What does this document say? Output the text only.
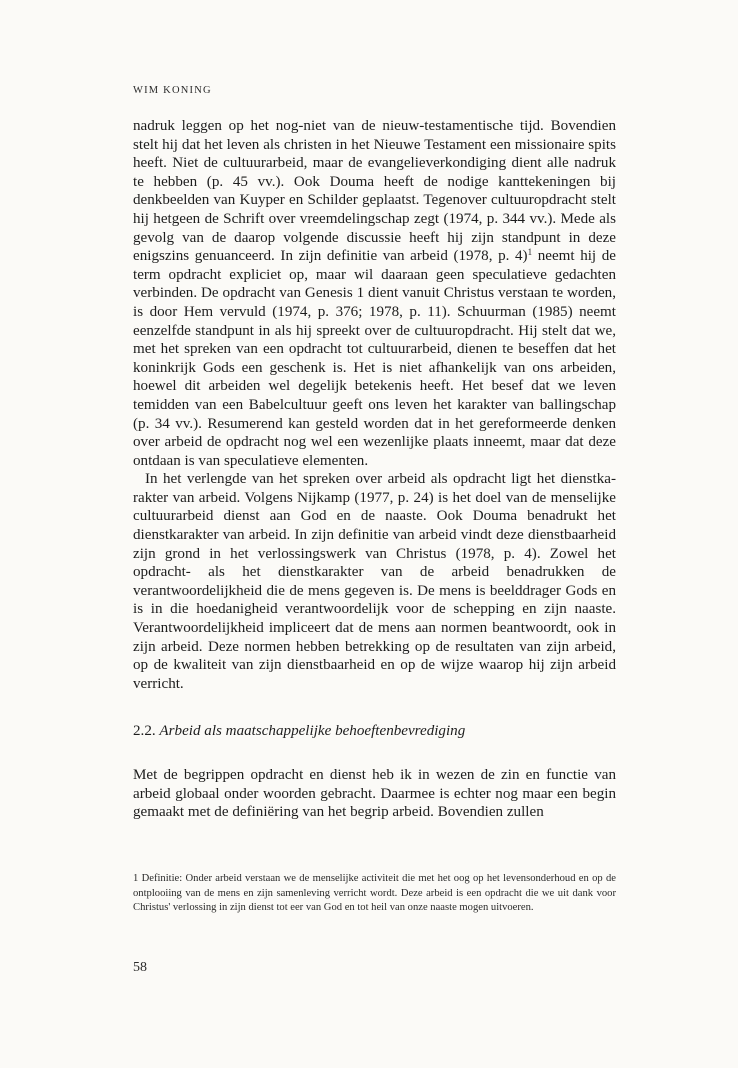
WIM KONING

nadruk leggen op het nog-niet van de nieuw-testamentische tijd. Bovendien stelt hij dat het leven als christen in het Nieuwe Testament een missionaire spits heeft. Niet de cultuurarbeid, maar de evangelieverkondiging dient alle nadruk te hebben (p. 45 vv.). Ook Douma heeft de nodige kanttekeningen bij denkbeelden van Kuyper en Schilder geplaatst. Tegenover cultuuropdracht stelt hij hetgeen de Schrift over vreemdelingschap zegt (1974, p. 344 vv.). Mede als gevolg van de daarop volgende discussie heeft hij zijn standpunt in deze enigszins genuanceerd. In zijn definitie van arbeid (1978, p. 4)$^1$ neemt hij de term opdracht expliciet op, maar wil daaraan geen speculatieve gedachten verbinden. De opdracht van Genesis 1 dient vanuit Christus verstaan te worden, is door Hem vervuld (1974, p. 376; 1978, p. 11). Schuurman (1985) neemt eenzelfde standpunt in als hij spreekt over de cultuuropdracht. Hij stelt dat we, met het spreken van een opdracht tot cultuurarbeid, dienen te beseffen dat het koninkrijk Gods een geschenk is. Het is niet afhankelijk van ons arbeiden, hoewel dit arbeiden wel degelijk betekenis heeft. Het besef dat we leven temidden van een Babelcultuur geeft ons leven het karakter van ballingschap (p. 34 vv.). Resumerend kan gesteld worden dat in het gereformeerde denken over arbeid de opdracht nog wel een wezenlijke plaats inneemt, maar dat deze ontdaan is van speculatieve elementen.

In het verlengde van het spreken over arbeid als opdracht ligt het dienstkarakter van arbeid. Volgens Nijkamp (1977, p. 24) is het doel van de menselijke cultuurarbeid dienst aan God en de naaste. Ook Douma benadrukt het dienstkarakter van arbeid. In zijn definitie van arbeid vindt deze dienstbaarheid zijn grond in het verlossingswerk van Christus (1978, p. 4). Zowel het opdracht- als het dienstkarakter van de arbeid benadrukken de verantwoordelijkheid die de mens gegeven is. De mens is beelddrager Gods en is in die hoedanigheid verantwoordelijk voor de schepping en zijn naaste. Verantwoordelijkheid impliceert dat de mens aan normen beantwoordt, ook in zijn arbeid. Deze normen hebben betrekking op de resultaten van zijn arbeid, op de kwaliteit van zijn dienstbaarheid en op de wijze waarop hij zijn arbeid verricht.

2.2. Arbeid als maatschappelijke behoeftenbevrediging

Met de begrippen opdracht en dienst heb ik in wezen de zin en functie van arbeid globaal onder woorden gebracht. Daarmee is echter nog maar een begin gemaakt met de definiëring van het begrip arbeid. Bovendien zullen

1 Definitie: Onder arbeid verstaan we de menselijke activiteit die met het oog op het levensonderhoud en op de ontplooiing van de mens en zijn samenleving verricht wordt. Deze arbeid is een opdracht die we uit dank voor Christus' verlossing in zijn dienst tot eer van God en tot heil van onze naaste mogen uitvoeren.

58
